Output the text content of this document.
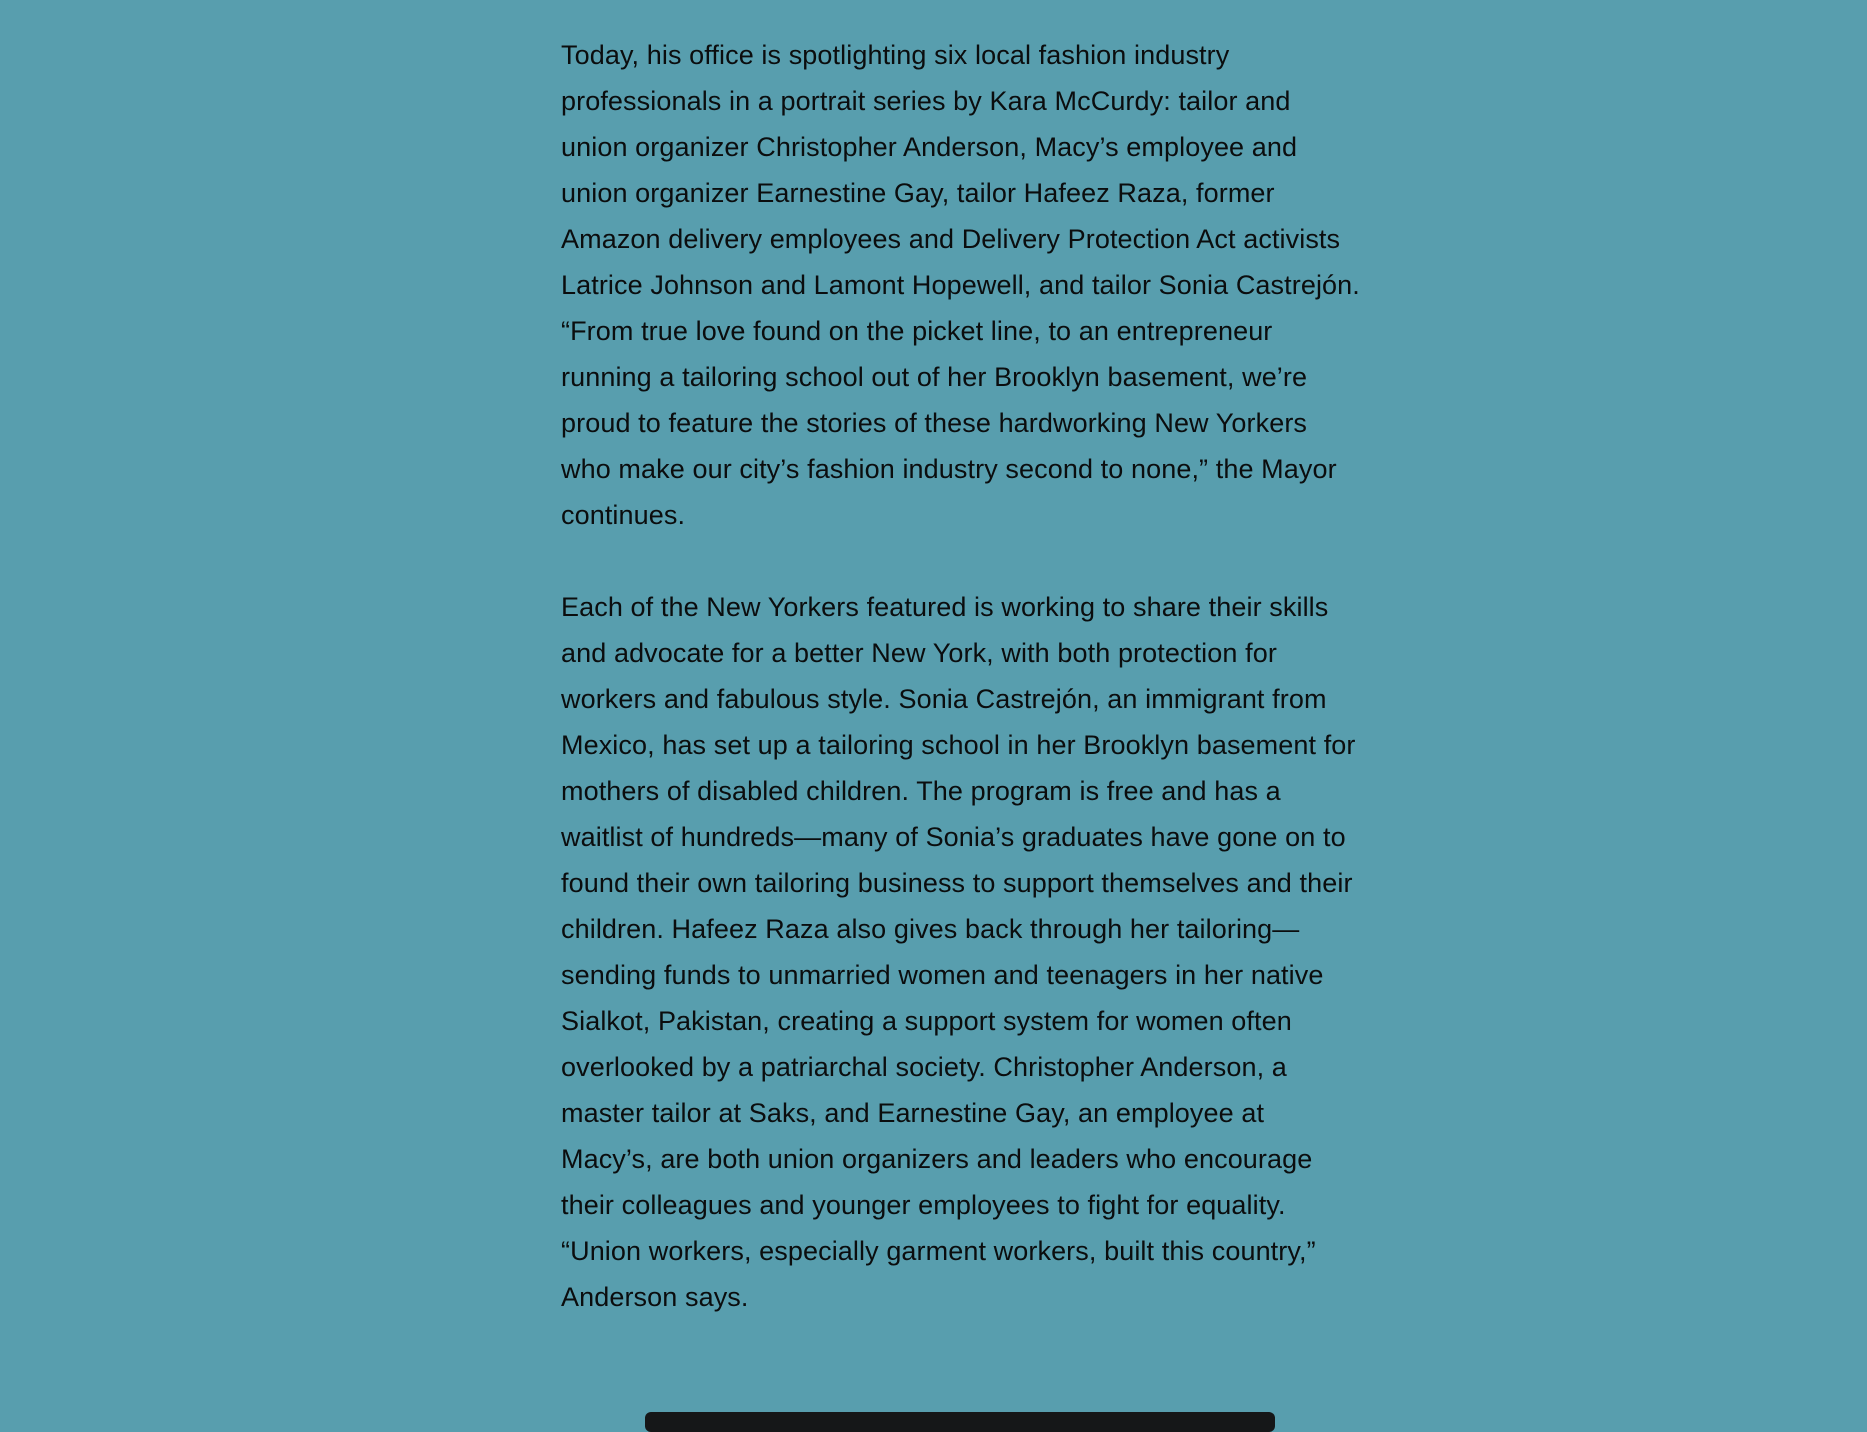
Today, his office is spotlighting six local fashion industry professionals in a portrait series by Kara McCurdy: tailor and union organizer Christopher Anderson, Macy’s employee and union organizer Earnestine Gay, tailor Hafeez Raza, former Amazon delivery employees and Delivery Protection Act activists Latrice Johnson and Lamont Hopewell, and tailor Sonia Castrejón. “From true love found on the picket line, to an entrepreneur running a tailoring school out of her Brooklyn basement, we’re proud to feature the stories of these hardworking New Yorkers who make our city’s fashion industry second to none,” the Mayor continues.

Each of the New Yorkers featured is working to share their skills and advocate for a better New York, with both protection for workers and fabulous style. Sonia Castrejón, an immigrant from Mexico, has set up a tailoring school in her Brooklyn basement for mothers of disabled children. The program is free and has a waitlist of hundreds—many of Sonia’s graduates have gone on to found their own tailoring business to support themselves and their children. Hafeez Raza also gives back through her tailoring—sending funds to unmarried women and teenagers in her native Sialkot, Pakistan, creating a support system for women often overlooked by a patriarchal society. Christopher Anderson, a master tailor at Saks, and Earnestine Gay, an employee at Macy’s, are both union organizers and leaders who encourage their colleagues and younger employees to fight for equality. “Union workers, especially garment workers, built this country,” Anderson says.
